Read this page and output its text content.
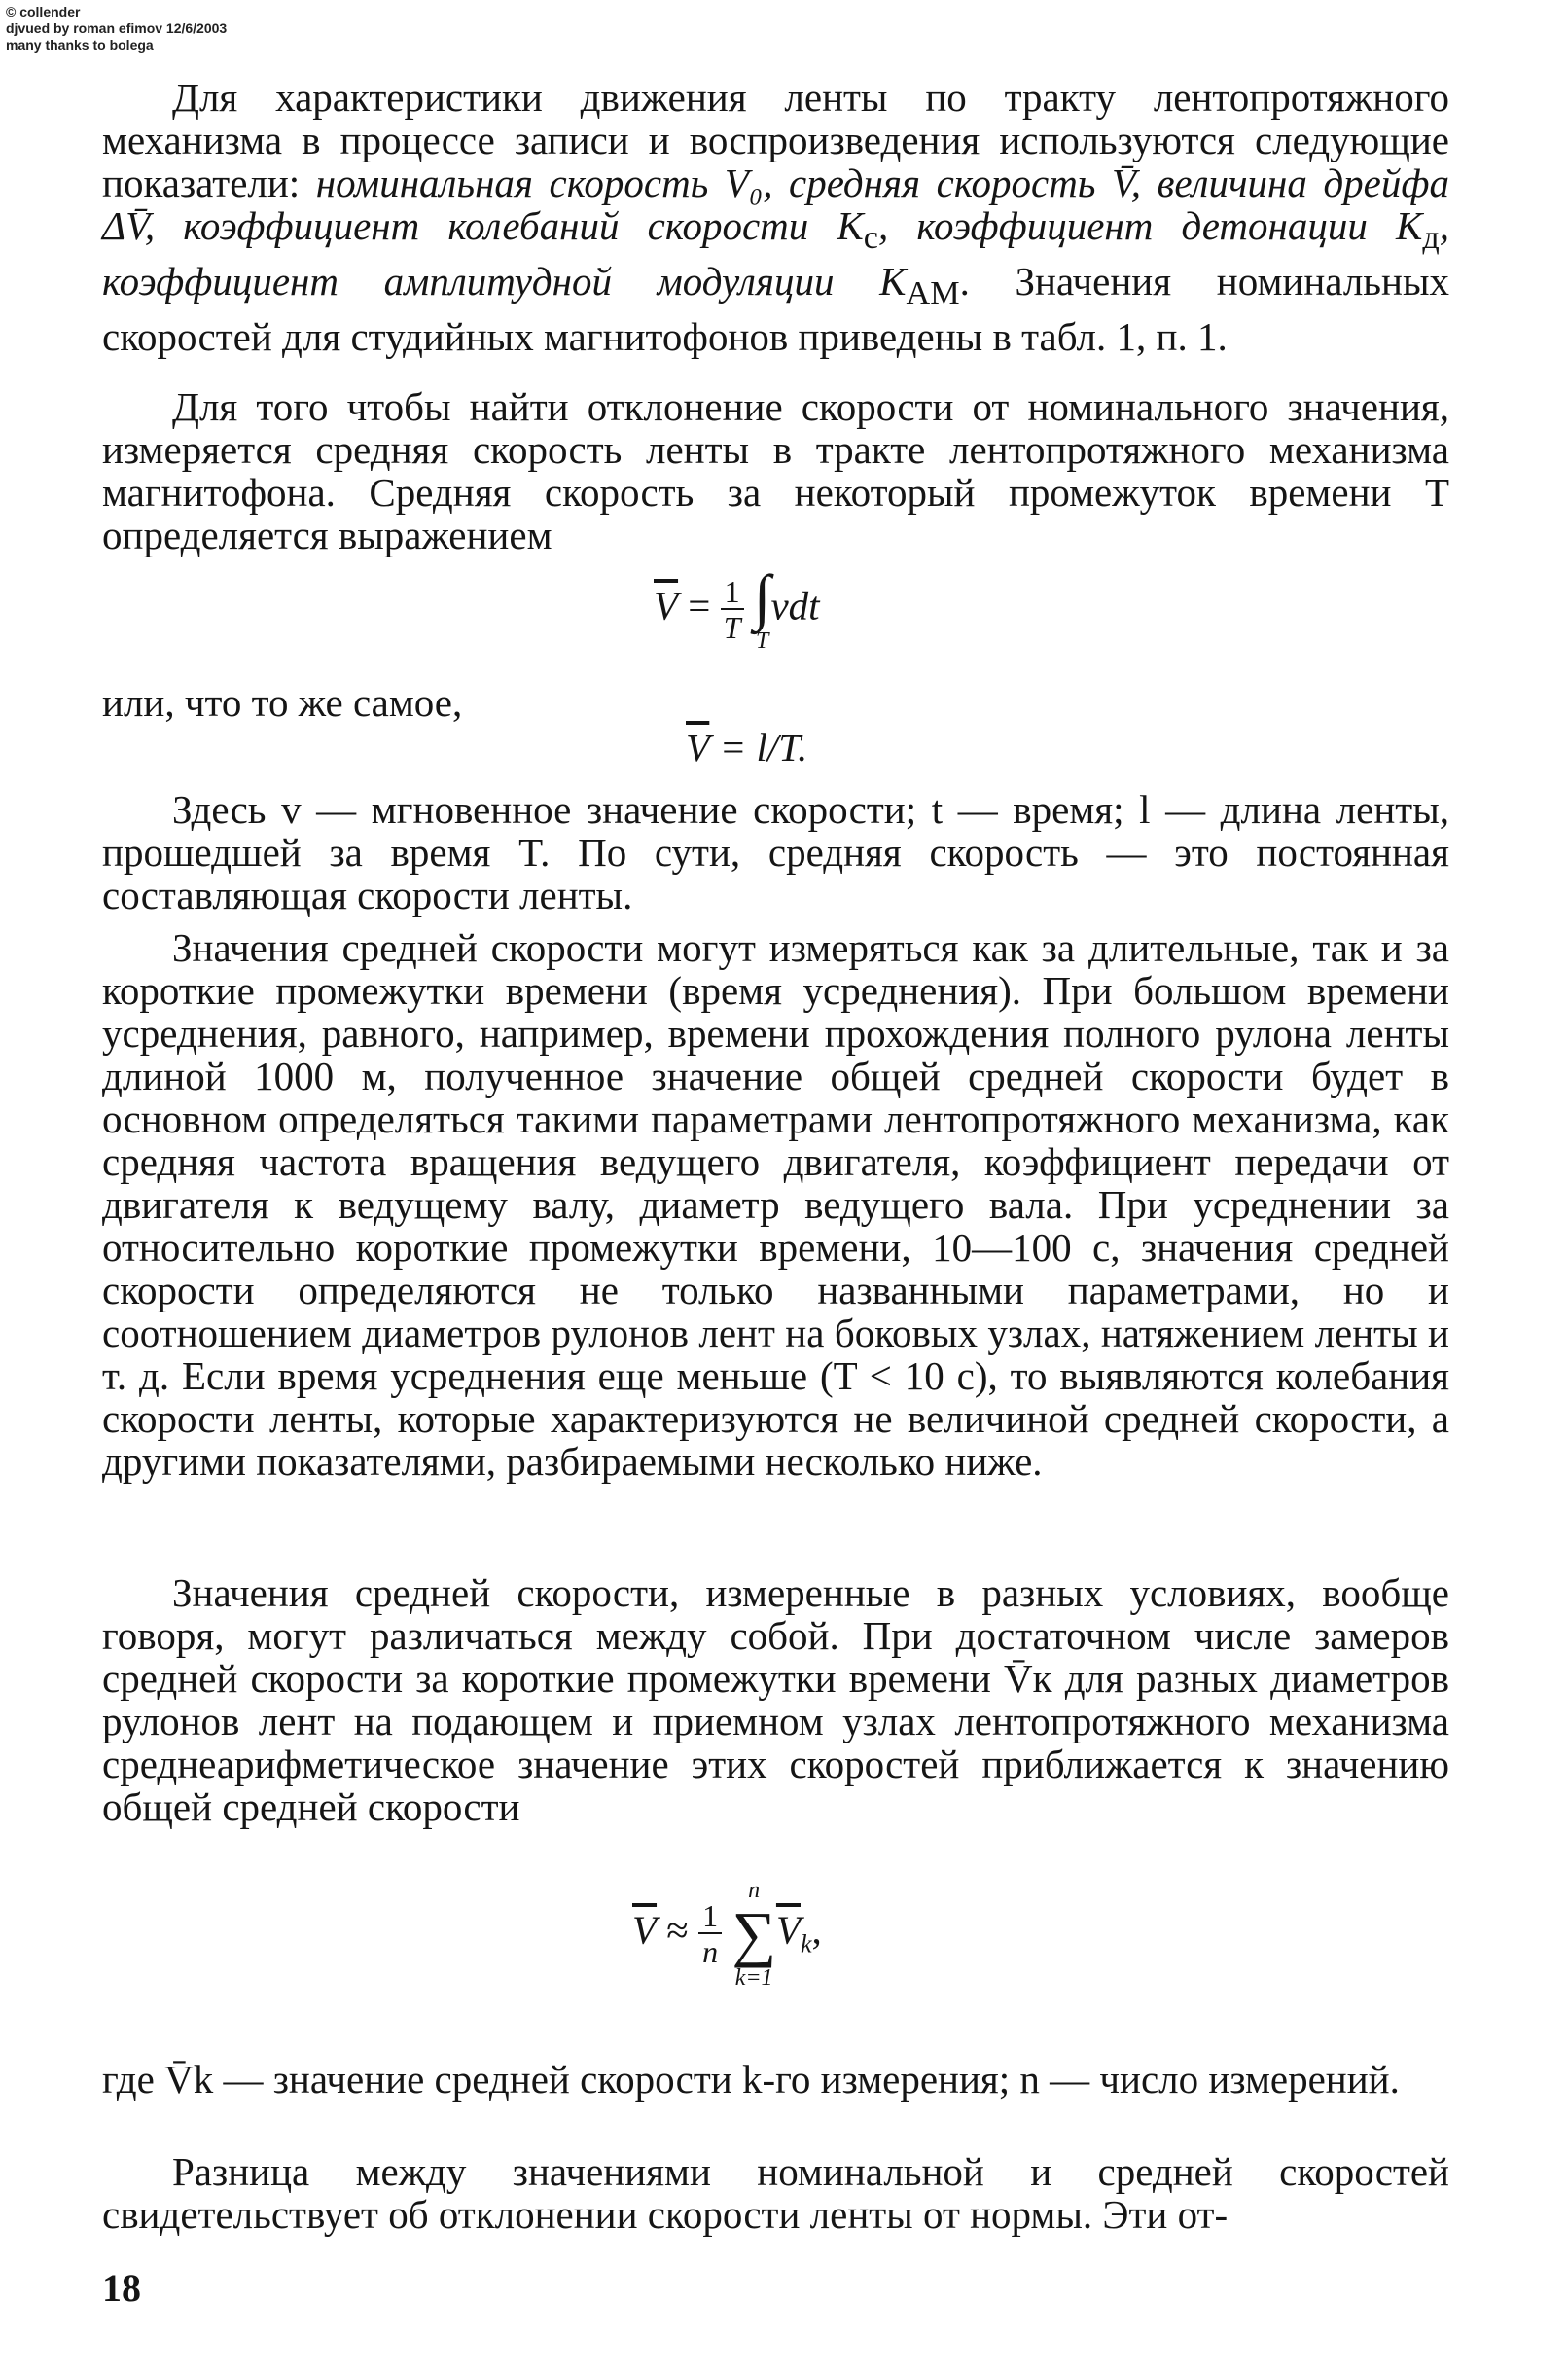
© collender
djvued by roman efimov 12/6/2003
many thanks to bolega
Для характеристики движения ленты по тракту лентопротяжного механизма в процессе записи и воспроизведения используются следующие показатели: номинальная скорость V₀, средняя скорость V̄, величина дрейфа ΔV̄, коэффициент колебаний скорости $K_c$, коэффициент детонации $K_д$, коэффициент амплитудной модуляции $K_{АМ}$. Значения номинальных скоростей для студийных магнитофонов приведены в табл. 1, п. 1.
Для того чтобы найти отклонение скорости от номинального значения, измеряется средняя скорость ленты в тракте лентопротяжного механизма магнитофона. Средняя скорость за некоторый промежуток времени T определяется выражением
$\overline{V} = \frac{1}{T}$
∫
T
vdt
или, что то же самое,
$\overline{V} = l/T$.
Здесь v — мгновенное значение скорости; t — время; l — длина ленты, прошедшей за время T. По сути, средняя скорость — это постоянная составляющая скорости ленты.
Значения средней скорости могут измеряться как за длительные, так и за короткие промежутки времени (время усреднения). При большом времени усреднения, равного, например, времени прохождения полного рулона ленты длиной 1000 м, полученное значение общей средней скорости будет в основном определяться такими параметрами лентопротяжного механизма, как средняя частота вращения ведущего двигателя, коэффициент передачи от двигателя к ведущему валу, диаметр ведущего вала. При усреднении за относительно короткие промежутки времени, 10—100 с, значения средней скорости определяются не только названными параметрами, но и соотношением диаметров рулонов лент на боковых узлах, натяжением ленты и т. д. Если время усреднения еще меньше (T < 10 с), то выявляются колебания скорости ленты, которые характеризуются не величиной средней скорости, а другими показателями, разбираемыми несколько ниже.
Значения средней скорости, измеренные в разных условиях, вообще говоря, могут различаться между собой. При достаточном числе замеров средней скорости за короткие промежутки времени V̄к для разных диаметров рулонов лент на подающем и приемном узлах лентопротяжного механизма среднеарифметическое значение этих скоростей приближается к значению общей средней скорости
$\overline{V} \approx \frac{1}{n}$

n
∑
k=1
$\overline{V}_k$,
где V̄k — значение средней скорости k-го измерения; n — число измерений.
Разница между значениями номинальной и средней скоростей свидетельствует об отклонении скорости ленты от нормы. Эти от-
18
